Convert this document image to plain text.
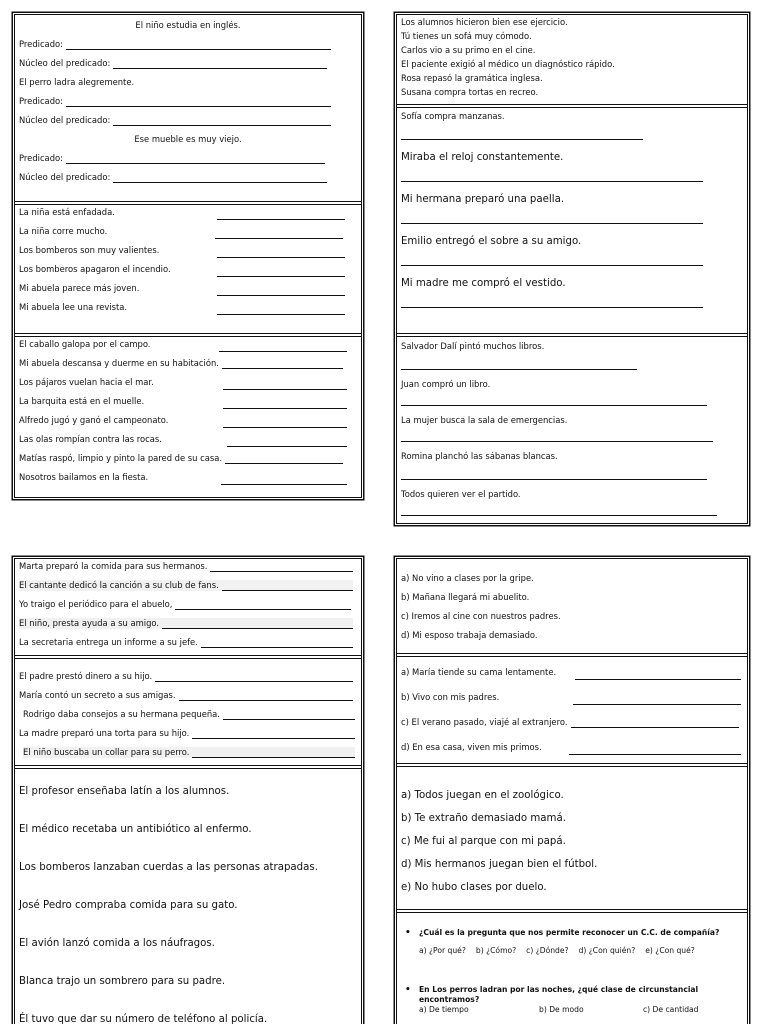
El niño estudia en inglés.
Predicado:
Núcleo del predicado:
El perro ladra alegremente.
Predicado:
Núcleo del predicado:
Ese mueble es muy viejo.
Predicado:
Núcleo del predicado:
La niña está enfadada.
La niña corre mucho.
Los bomberos son muy valientes.
Los bomberos apagaron el incendio.
Mi abuela parece más joven.
Mi abuela lee una revista.
El caballo galopa por el campo.
Mi abuela descansa y duerme en su habitación.
Los pájaros vuelan hacia el mar.
La barquita está en el muelle.
Alfredo jugó y ganó el campeonato.
Las olas rompían contra las rocas.
Matías raspó, limpio y pinto la pared de su casa.
Nosotros bailamos en la fiesta.
Los alumnos hicieron bien ese ejercicio.
Tú tienes un sofá muy cómodo.
Carlos vio a su primo en el cine.
El paciente exigió al médico un diagnóstico rápido.
Rosa repasó la gramática inglesa.
Susana compra tortas en recreo.
Sofía compra manzanas.
Miraba el reloj constantemente.
Mi hermana preparó una paella.
Emilio entregó el sobre a su amigo.
Mi madre me compró el vestido.
Salvador Dalí pintó muchos libros.
Juan compró un libro.
La mujer busca la sala de emergencias.
Romina planchó las sábanas blancas.
Todos quieren ver el partido.
Marta preparó la comida para sus hermanos.
El cantante dedicó la canción a su club de fans.
Yo traigo el periódico para el abuelo,
El niño, presta ayuda a su amigo.
La secretaria entrega un informe a su jefe.
El padre prestó dinero a su hijo.
María contó un secreto a sus amigas.
Rodrigo daba consejos a su hermana pequeña.
La madre preparó una torta para su hijo.
El niño buscaba un collar para su perro.
El profesor enseñaba latín a los alumnos.
El médico recetaba un antibiótico al enfermo.
Los bomberos lanzaban cuerdas a las personas atrapadas.
José Pedro compraba comida para su gato.
El avión lanzó comida a los náufragos.
Blanca trajo un sombrero para su padre.
Él tuvo que dar su número de teléfono al policía.
a) No vino a clases por la gripe.
b) Mañana llegará mi abuelito.
c) Iremos al cine con nuestros padres.
d) Mi esposo trabaja demasiado.
a) María tiende su cama lentamente.
b) Vivo con mis padres.
c) El verano pasado, viajé al extranjero.
d) En esa casa, viven mis primos.
a) Todos juegan en el zoológico.
b) Te extraño demasiado mamá.
c) Me fui al parque con mi papá.
d) Mis hermanos juegan bien el fútbol.
e) No hubo clases por duelo.
• ¿Cuál es la pregunta que nos permite reconocer un C.C. de compañía?
a) ¿Por qué? b) ¿Cómo? c) ¿Dónde? d) ¿Con quién? e) ¿Con qué?
• En Los perros ladran por las noches, ¿qué clase de circunstancial
encontramos?
a) De tiempo	b) De modo	c) De cantidad
